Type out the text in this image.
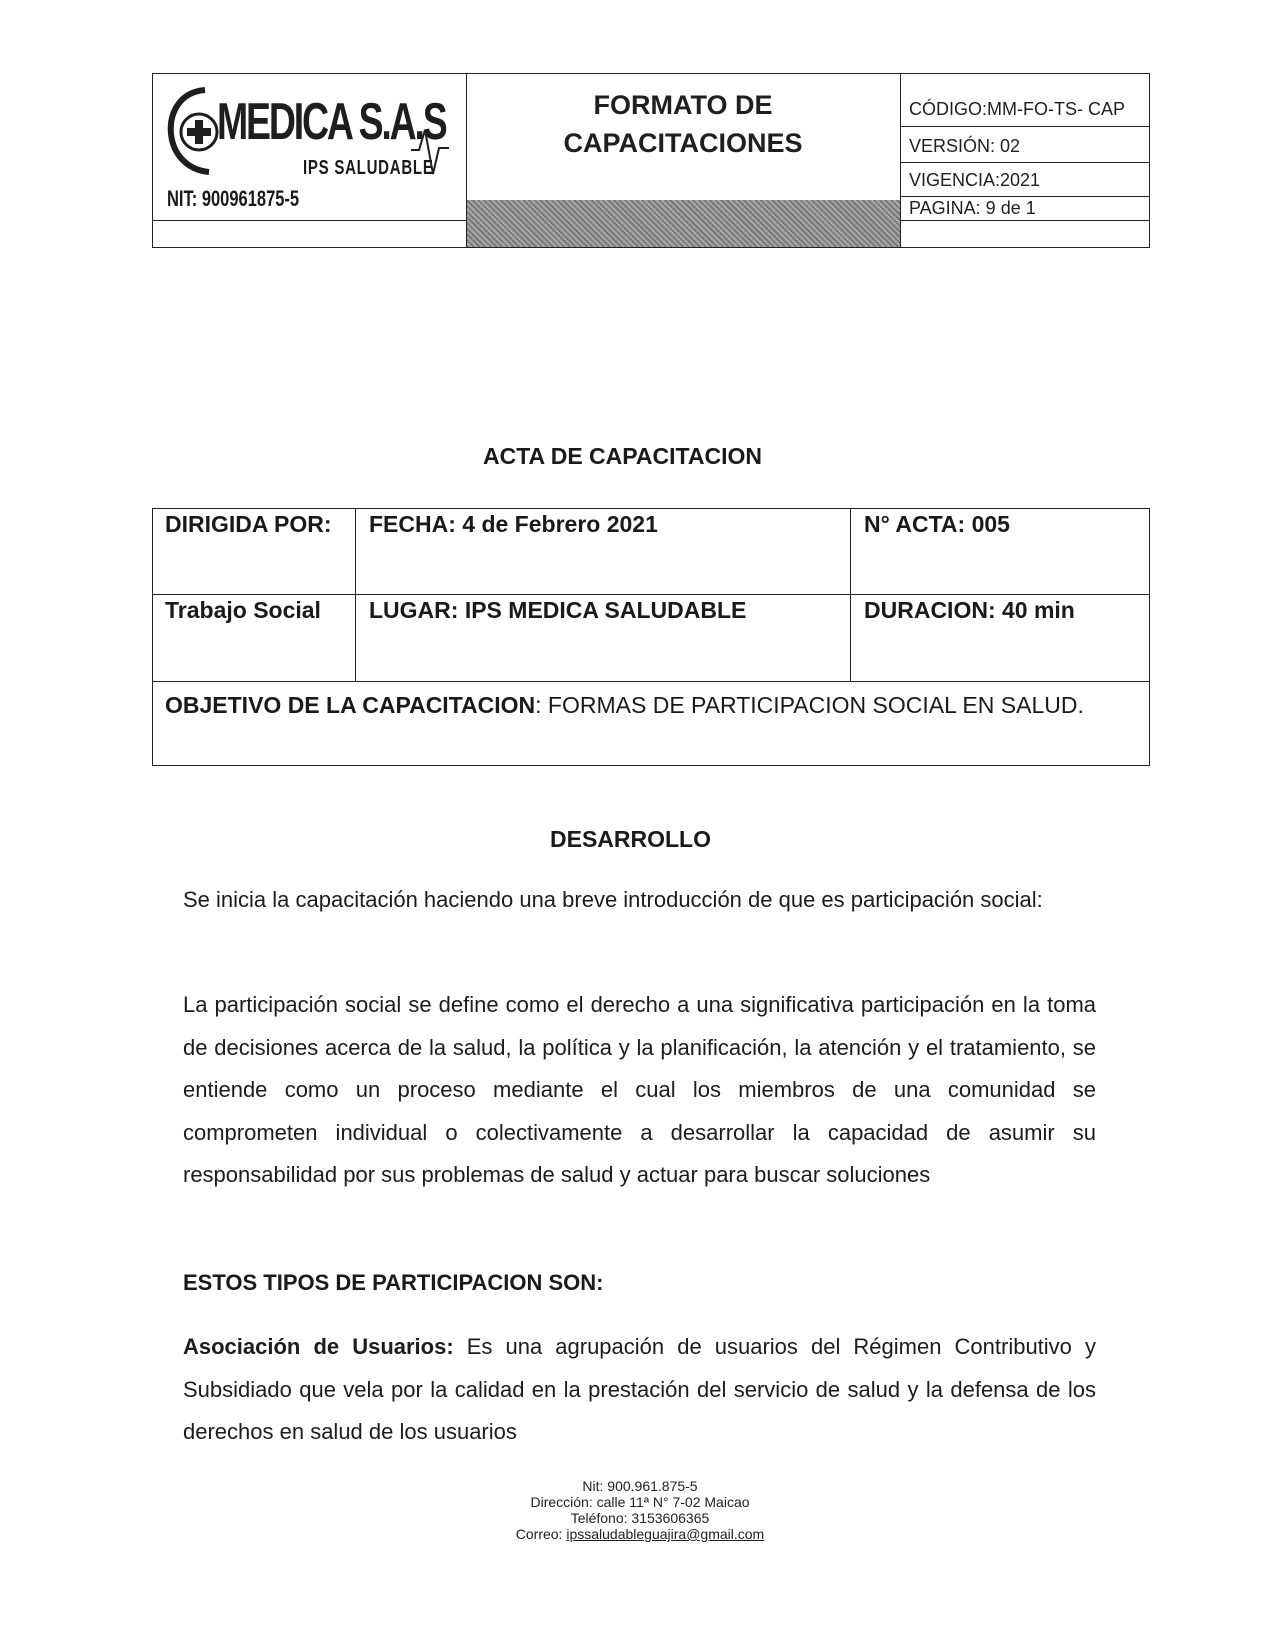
MEDICA S.A.S
IPS SALUDABLE
NIT: 900961875-5
FORMATO DE
CAPACITACIONES
CÓDIGO:MM-FO-TS- CAP
VERSIÓN: 02
VIGENCIA:2021
PAGINA: 9 de 1
ACTA DE CAPACITACION
DIRIGIDA POR: FECHA: 4 de Febrero 2021	N° ACTA: 005
Trabajo Social LUGAR: IPS MEDICA SALUDABLE	DURACION: 40 min
OBJETIVO DE LA CAPACITACION: FORMAS DE PARTICIPACION SOCIAL EN SALUD.
DESARROLLO
Se inicia la capacitación haciendo una breve introducción de que es participación social:
La participación social se define como el derecho a una significativa participación en la toma de decisiones acerca de la salud, la política y la planificación, la atención y el tratamiento, se entiende como un proceso mediante el cual los miembros de una comunidad se comprometen individual o colectivamente a desarrollar la capacidad de asumir su responsabilidad por sus problemas de salud y actuar para buscar soluciones
ESTOS TIPOS DE PARTICIPACION SON:
Asociación de Usuarios: Es una agrupación de usuarios del Régimen Contributivo y Subsidiado que vela por la calidad en la prestación del servicio de salud y la defensa de los derechos en salud de los usuarios
Nit: 900.961.875-5
Dirección: calle 11ª N° 7-02 Maicao
Teléfono: 3153606365
Correo: ipssaludableguajira@gmail.com
